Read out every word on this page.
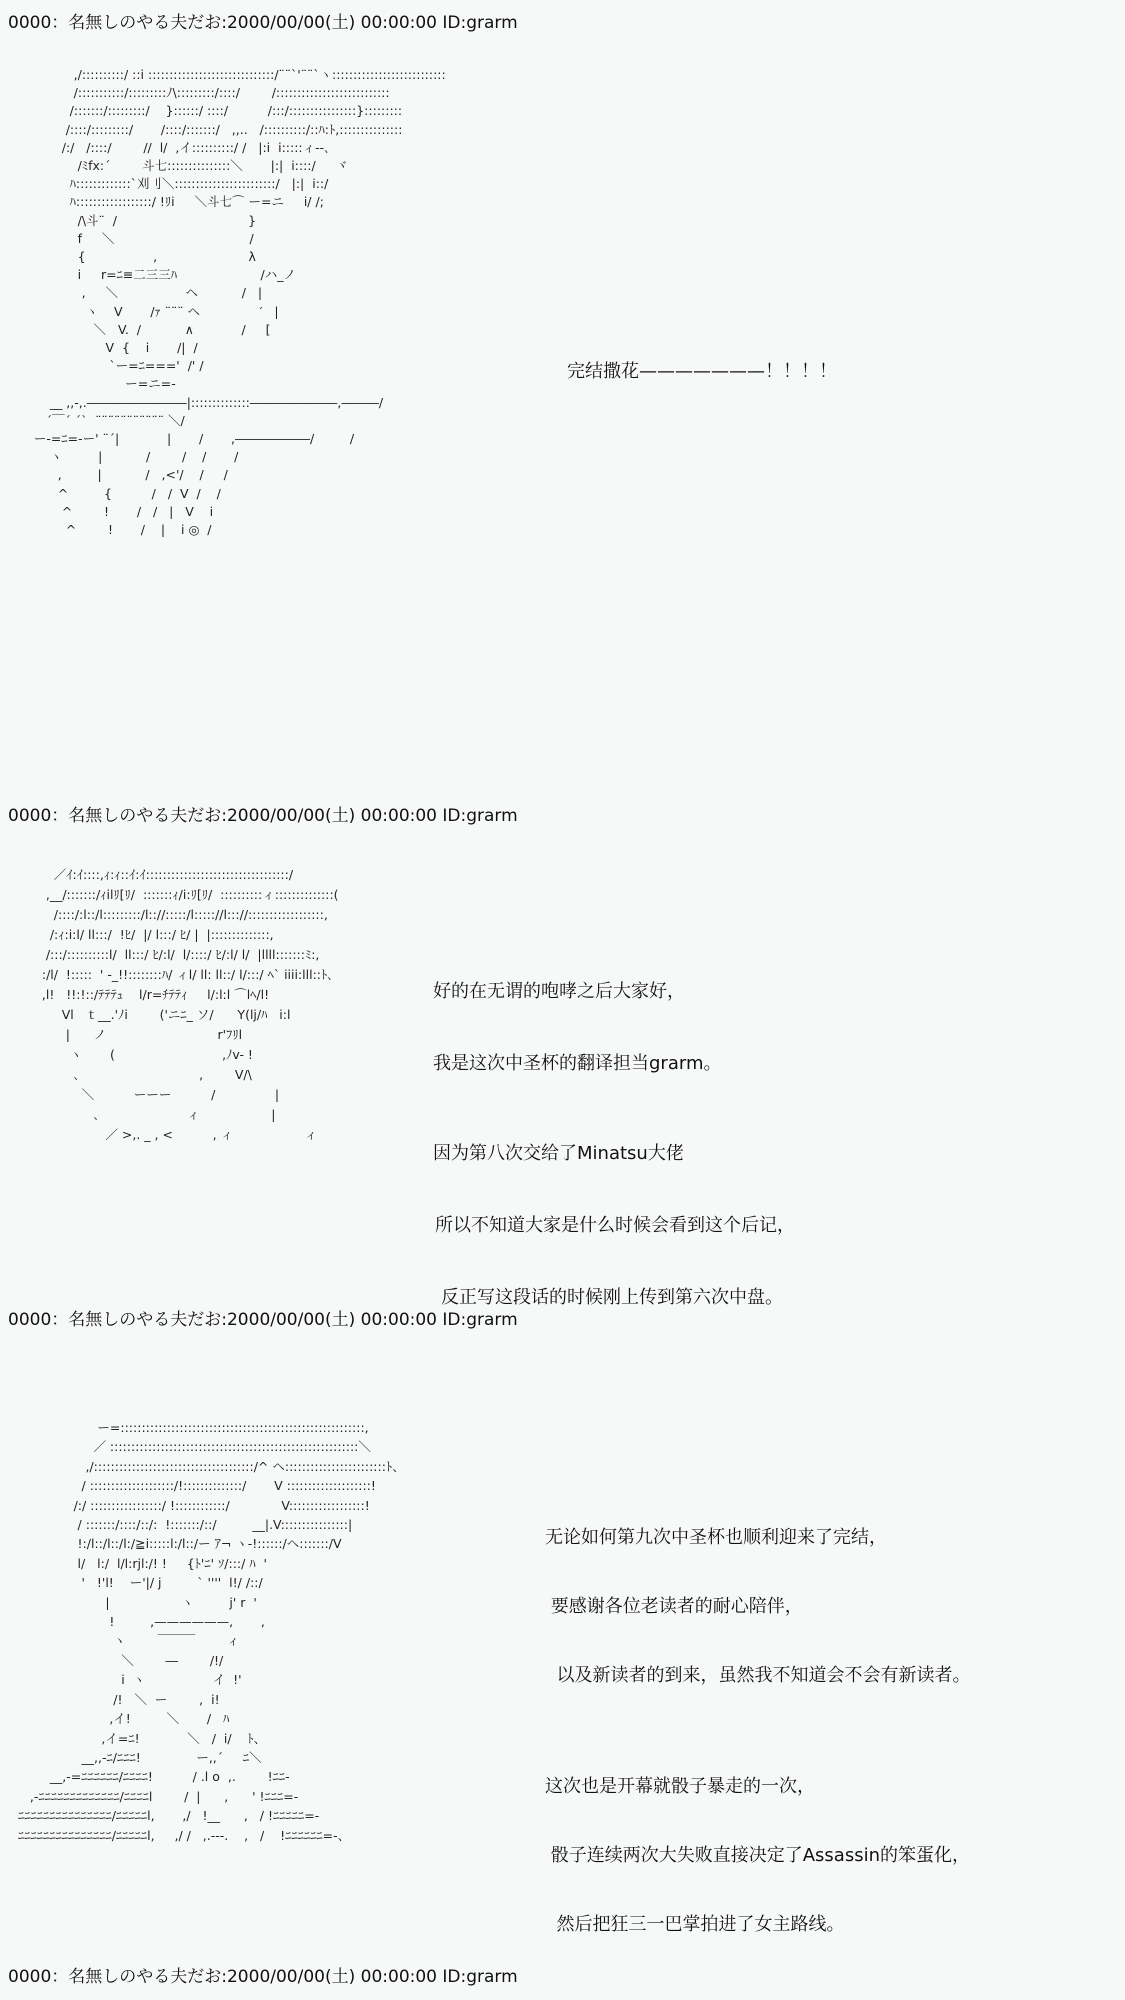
0000：名無しのやる夫だお:2000/00/00(土) 00:00:00 ID:grarm
,/::::::::::/ ::i ::::::::::::::::::::::::::::::/¨¨`'¨¨`ヽ:::::::::::::::::::::::::::
/:::::::::::/:::::::::ﾉ\:::::::::/::::/        /:::::::::::::::::::::::::::
/:::::::/:::::::::/    }::::::/ ::::/          /:::/::::::::::::::::}:::::::::
/::::/:::::::::/       /::::/:::::::/   ,,..   /::::::::::/::ﾊ:ﾄ,:::::::::::::::
/:/   /::::/        //  l/  ,イ::::::::::/ /   |:i  i:::::ィ--､
/ﾐfx:´        斗七:::::::::::::::＼       |:|  i::::/     ヾ
ﾊ:::::::::::::`刈刂＼::::::::::::::::::::::::/   |:|  i::/
ﾊ::::::::::::::::::/ !ﾘi     ＼斗七⌒ ー=ニ     i/ /;
/\斗¨  /                                 }
f     ＼                                  /
{                 ,                       λ
i     r=ﾆ≡二三三ﾊ                     /ハ_ノ
,     ＼                 ヘ           /   |
ヽ    V       /ｧ ¨¨¨ ヘ               ′   |
＼   V.  /           ∧            /     [
V  {    i       /|  /
`ー=ﾆ==='  /' /
ー=ニ=-
__ ,,-,.――――――――|::::::::::::::―――――――,―――/
´￣´ ´`  ¨¨¨¨¨¨¨¨¨¨¨ ＼/
ー-=ﾆ=-ー' ¨´|            |       /       ,――――――/         /
ヽ         |           /        /    /       /
,         |           /   ,<'/    /     /
^         {          /   /  V  /    /
^        !       /   /   |   V    i
^        !       /    |    i ◎  /

完结撒花———————！！！！

0000：名無しのやる夫だお:2000/00/00(土) 00:00:00 ID:grarm
／ｲ:ｲ::::,ｨ:ｨ::ｲ:ｲ::::::::::::::::::::::::::::::::::/
,__/:::::::/ｨilﾘ[ﾘ/  :::::::ｨ/i:ﾘ[ﾘ/  ::::::::::ィ::::::::::::::(
/::::/:l::/l:::::::::/l:://:::::/l::::://l::://::::::::::::::::::,
/:ｨ:i:l/ ll:::/  !ﾋ/  |/ l:::/ ﾋ/ |  |::::::::::::::,
/:::/::::::::::l/  ll:::/ ﾋ/:l/  l/::::/ ﾋ/:l/ l/  |llll:::::::ﾐ:,
:/l/  !:::::  ' -_!!::::::::ﾊ/ ィl/ ll: ll::/ l/:::/ ﾍ` iiii:lll::ﾄ､
,l!   !!:!::/ﾃﾃﾃｭ    l/r=ﾁﾃﾃｨ     l/:l:l ⌒lﾍ/l!
Vl   ｔ__.'ﾉi        ('ニﾆ_ ソ/      Y(lj/ﾊ   i:l
|      ノ                            r'ﾌﾘl
ヽ       (                           ,ﾉv- !
､                              ,        V/\
＼          ーーー          /               |
､                      ィ                  |
／ >,. _ , <          , ィ                  ィ

好的在无谓的咆哮之后大家好，

我是这次中圣杯的翻译担当grarm。

因为第八次交给了Minatsu大佬

所以不知道大家是什么时候会看到这个后记，

反正写这段话的时候刚上传到第六次中盘。

0000：名無しのやる夫だお:2000/00/00(土) 00:00:00 ID:grarm
ー=::::::::::::::::::::::::::::::::::::::::::::::::::::::::::,
／ :::::::::::::::::::::::::::::::::::::::::::::::::::::::::::＼
,/::::::::::::::::::::::::::::::::::::::/^ ヘ::::::::::::::::::::::::ﾄ、
/ ::::::::::::::::::::/!::::::::::::::/       V ::::::::::::::::::::!
/:/ :::::::::::::::::/ !::::::::::::/             V::::::::::::::::::!
/ :::::::/::::/::/:  !:::::::/::/         __|.V::::::::::::::::|
!:/l::/l::/l:/≧i:::::l:/l::/ー ｱ¬ ヽ-!::::::/ヘ:::::::/V
l/   l:/  l/l:rjl:/! !     {ﾄ'ﾆ' ｿ/:::/ ﾊ  '
'   !'l!    ー'|/ j         ` ''''  l!/ /::/
|                  ヽ         j' r  '
!         ,——————,       ,
ヽ        ￣￣￣        ィ
＼        ―        /!/
i  ヽ                 イ  !'
/!   ＼  ー        ,  i!
,イ!         ＼       /   ﾊ
,イ=ﾆ!            ＼   /  i/    ﾄ、
__,,-ﾆ/ﾆﾆﾆ!              ー,,´     ﾆ＼
__,-=ﾆﾆﾆﾆﾆﾆ/ﾆﾆﾆﾆ!          / .l o  ,.        !ﾆﾆ-
,-ﾆﾆﾆﾆﾆﾆﾆﾆﾆﾆﾆﾆﾆ/ﾆﾆﾆﾆl        /  |      ,      ' !ﾆﾆﾆ=-
ﾆﾆﾆﾆﾆﾆﾆﾆﾆﾆﾆﾆﾆﾆﾆ/ﾆﾆﾆﾆﾆl,       ,/   !__      ,   / !ﾆﾆﾆﾆﾆ=-
ﾆﾆﾆﾆﾆﾆﾆﾆﾆﾆﾆﾆﾆﾆﾆ/ﾆﾆﾆﾆﾆl,     ,/ /   ,.---.    ,   /    !ﾆﾆﾆﾆﾆﾆ=-、

无论如何第九次中圣杯也顺利迎来了完结，

要感谢各位老读者的耐心陪伴，

以及新读者的到来，虽然我不知道会不会有新读者。

这次也是开幕就骰子暴走的一次，

骰子连续两次大失败直接决定了Assassin的笨蛋化，

然后把狂三一巴掌拍进了女主路线。

0000：名無しのやる夫だお:2000/00/00(土) 00:00:00 ID:grarm
